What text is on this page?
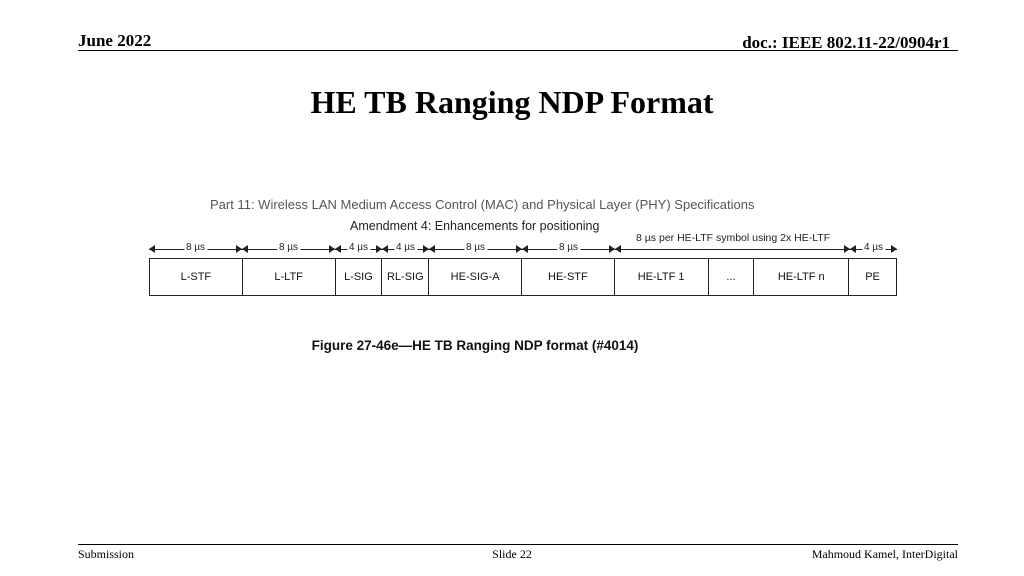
June 2022	doc.: IEEE 802.11-22/0904r1
HE TB Ranging NDP Format
Part 11: Wireless LAN Medium Access Control (MAC) and Physical Layer (PHY) Specifications
Amendment 4: Enhancements for positioning
8 µs per HE-LTF symbol using 2x HE-LTF
8 µs	8 µs	4 µs	4 µs	8 µs	8 µs	4 µs
L-STF	L-LTF	L-SIG	RL-SIG	HE-SIG-A	HE-STF	HE-LTF 1	...	HE-LTF n	PE
Figure 27-46e—HE TB Ranging NDP format (#4014)
Submission	Slide 22	Mahmoud Kamel, InterDigital
